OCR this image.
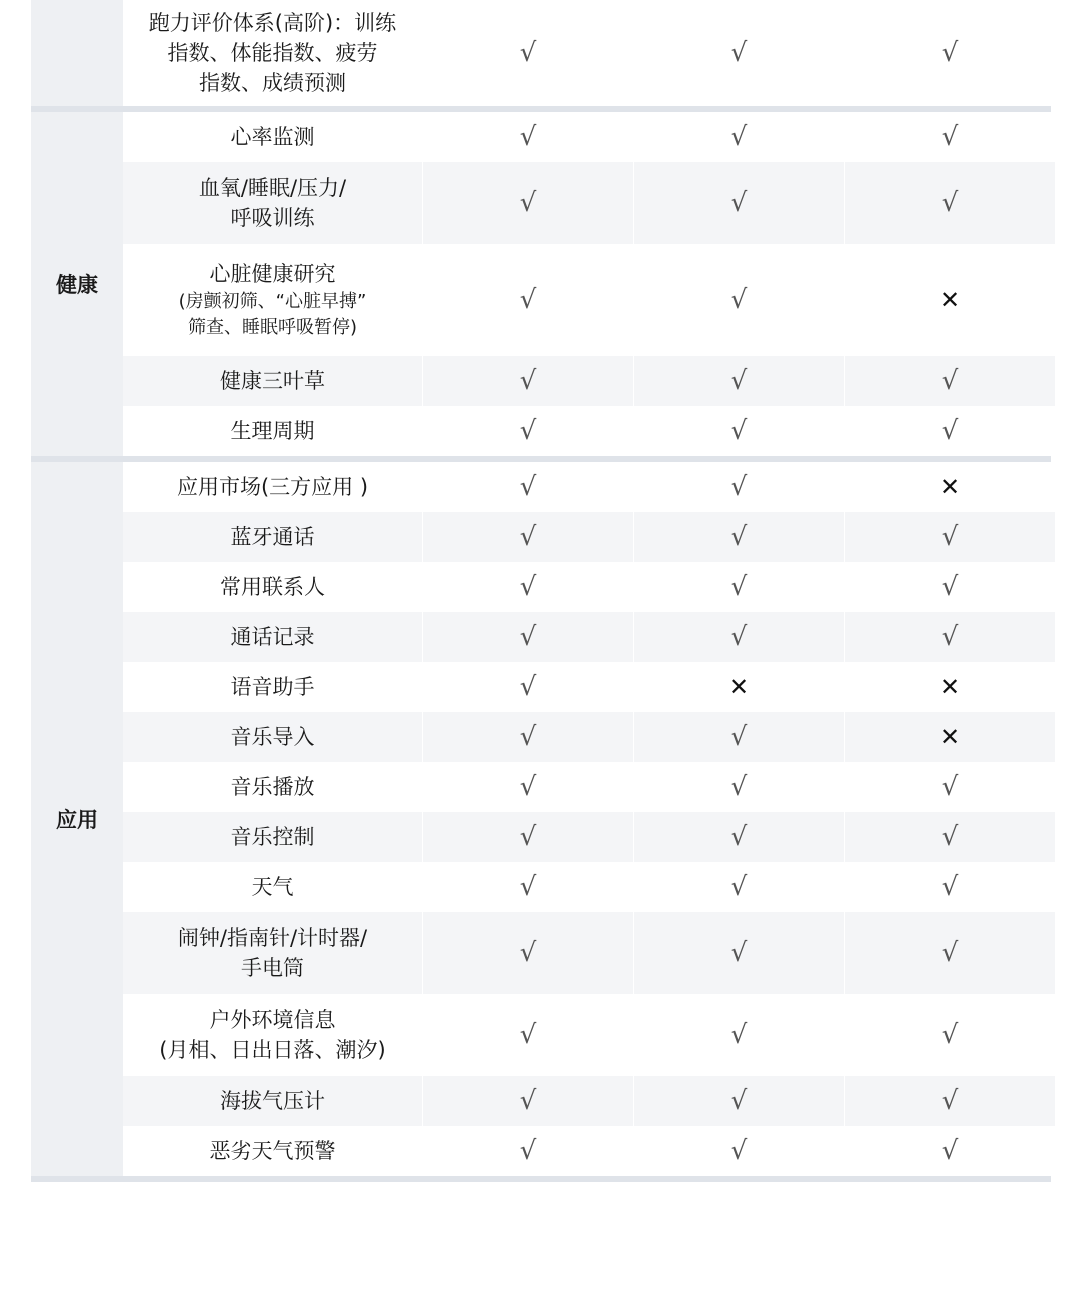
跑力评价体系(高阶)：训练
指数、体能指数、疲劳
指数、成绩预测
√	√	√
健康
心率监测	√	√	√
血氧/睡眠/压力/
呼吸训练	√	√	√
心脏健康研究
(房颤初筛、“心脏早搏”
筛查、睡眠呼吸暂停)
√	√	✕
健康三叶草	√	√	√
生理周期	√	√	√
应用
应用市场(三方应用 )	√	√	✕
蓝牙通话	√	√	√
常用联系人	√	√	√
通话记录	√	√	√
语音助手	√	✕	✕
音乐导入	√	√	✕
音乐播放	√	√	√
音乐控制	√	√	√
天气	√	√	√
闹钟/指南针/计时器/
手电筒	√	√	√
户外环境信息
(月相、日出日落、潮汐)	√	√	√
海拔气压计	√	√	√
恶劣天气预警	√	√	√
